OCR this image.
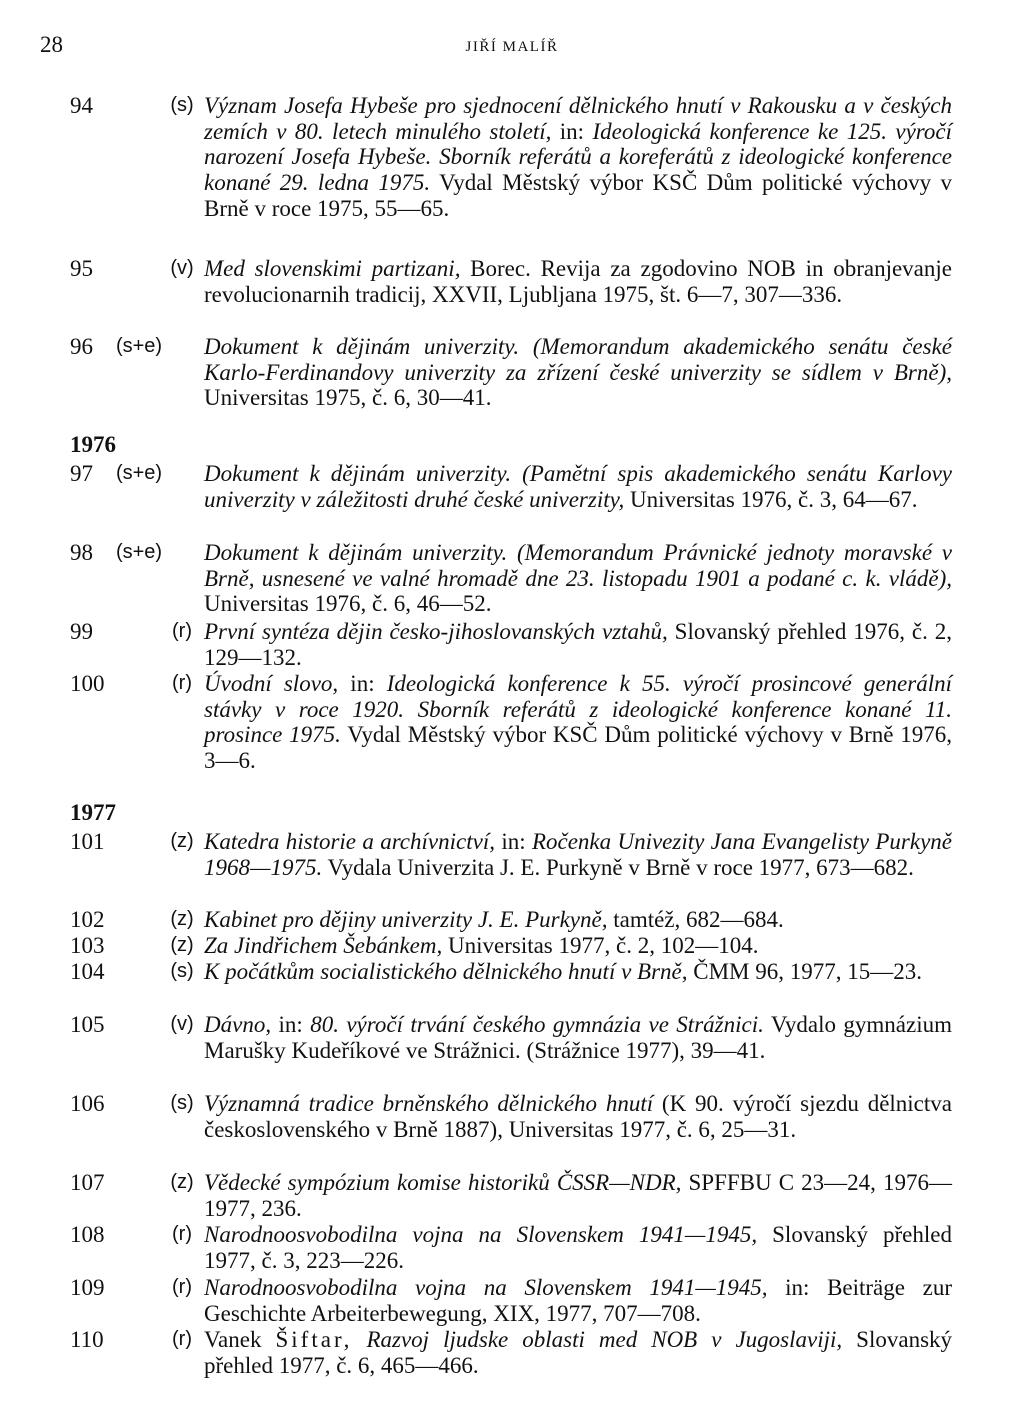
28	JIŘÍ MALÍŘ
94	(s) Význam Josefa Hybeše pro sjednocení dělnického hnutí v Rakousku a v českých zemích v 80. letech minulého století, in: Ideologická konference ke 125. výročí narození Josefa Hybeše. Sborník referátů a koreferátů z ideologické konference konané 29. ledna 1975. Vydal Městský výbor KSČ Dům politické výchovy v Brně v roce 1975, 55—65.
95	(v) Med slovenskimi partizani, Borec. Revija za zgodovino NOB in obranjevanje revolucionarnih tradicij, XXVII, Ljubljana 1975, št. 6—7, 307—336.
96	(s+e)	Dokument k dějinám univerzity. (Memorandum akademického senátu české Karlo-Ferdinandovy univerzity za zřízení české univerzity se sídlem v Brně), Universitas 1975, č. 6, 30—41.
1976
97	(s+e)	Dokument k dějinám univerzity. (Pamětní spis akademického senátu Karlovy univerzity v záležitosti druhé české univerzity, Universitas 1976, č. 3, 64—67.
98	(s+e)	Dokument k dějinám univerzity. (Memorandum Právnické jednoty moravské v Brně, usnesené ve valné hromadě dne 23. listopadu 1901 a podané c. k. vládě), Universitas 1976, č. 6, 46—52.
99	(r) První syntéza dějin česko-jihoslovanských vztahů, Slovanský přehled 1976, č. 2, 129—132.
100	(r) Úvodní slovo, in: Ideologická konference k 55. výročí prosincové generální stávky v roce 1920. Sborník referátů z ideologické konference konané 11. prosince 1975. Vydal Městský výbor KSČ Dům politické výchovy v Brně 1976, 3—6.
1977
101	(z) Katedra historie a archívnictví, in: Ročenka Univezity Jana Evangelisty Purkyně 1968—1975. Vydala Univerzita J. E. Purkyně v Brně v roce 1977, 673—682.
102	(z) Kabinet pro dějiny univerzity J. E. Purkyně, tamtéž, 682—684.
103	(z) Za Jindřichem Šebánkem, Universitas 1977, č. 2, 102—104.
104	(s) K počátkům socialistického dělnického hnutí v Brně, ČMM 96, 1977, 15—23.
105	(v) Dávno, in: 80. výročí trvání českého gymnázia ve Strážnici. Vydalo gymnázium Marušky Kudeříkové ve Strážnici. (Strážnice 1977), 39—41.
106	(s) Významná tradice brněnského dělnického hnutí (K 90. výročí sjezdu dělnictva československého v Brně 1887), Universitas 1977, č. 6, 25—31.
107	(z) Vědecké sympózium komise historiků ČSSR—NDR, SPFFBU C 23—24, 1976—1977, 236.
108	(r) Narodnoosvobodilna vojna na Slovenskem 1941—1945, Slovanský přehled 1977, č. 3, 223—226.
109	(r) Narodnoosvobodilna vojna na Slovenskem 1941—1945, in: Beiträge zur Geschichte Arbeiterbewegung, XIX, 1977, 707—708.
110	(r) Vanek Šiftar, Razvoj ljudske oblasti med NOB v Jugoslaviji, Slovanský přehled 1977, č. 6, 465—466.
